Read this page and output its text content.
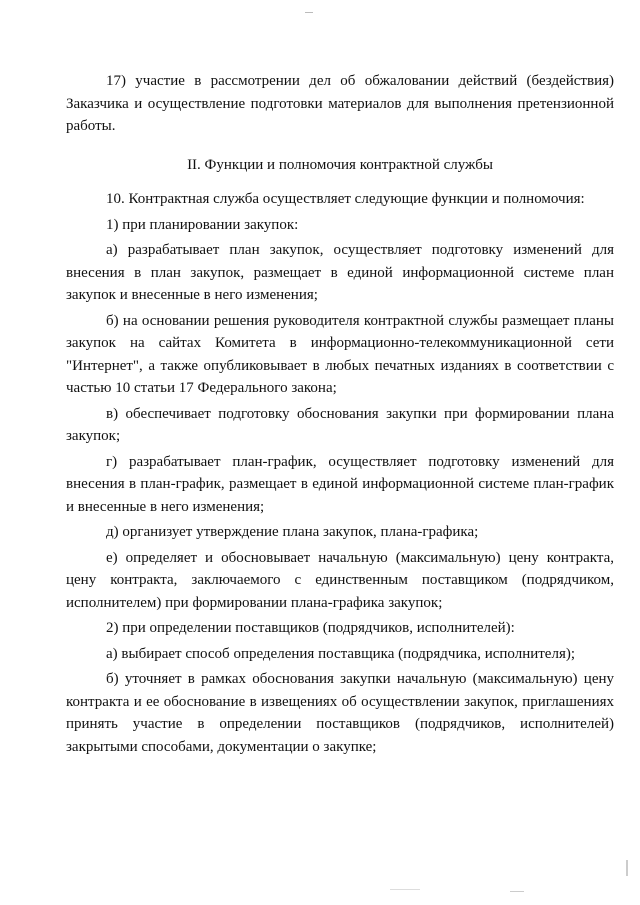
17) участие в рассмотрении дел об обжаловании действий (бездействия) Заказчика и осуществление подготовки материалов для выполнения претензионной работы.

II. Функции и полномочия контрактной службы

10. Контрактная служба осуществляет следующие функции и полномочия:

1) при планировании закупок:

а) разрабатывает план закупок, осуществляет подготовку изменений для внесения в план закупок, размещает в единой информационной системе план закупок и внесенные в него изменения;

б) на основании решения руководителя контрактной службы размещает планы закупок на сайтах Комитета в информационно-телекоммуникационной сети "Интернет", а также опубликовывает в любых печатных изданиях в соответствии с частью 10 статьи 17 Федерального закона;

в) обеспечивает подготовку обоснования закупки при формировании плана закупок;

г) разрабатывает план-график, осуществляет подготовку изменений для внесения в план-график, размещает в единой информационной системе план-график и внесенные в него изменения;

д) организует утверждение плана закупок, плана-графика;

е) определяет и обосновывает начальную (максимальную) цену контракта, цену контракта, заключаемого с единственным поставщиком (подрядчиком, исполнителем) при формировании плана-графика закупок;

2) при определении поставщиков (подрядчиков, исполнителей):

а) выбирает способ определения поставщика (подрядчика, исполнителя);

б) уточняет в рамках обоснования закупки начальную (максимальную) цену контракта и ее обоснование в извещениях об осуществлении закупок, приглашениях принять участие в определении поставщиков (подрядчиков, исполнителей) закрытыми способами, документации о закупке;
